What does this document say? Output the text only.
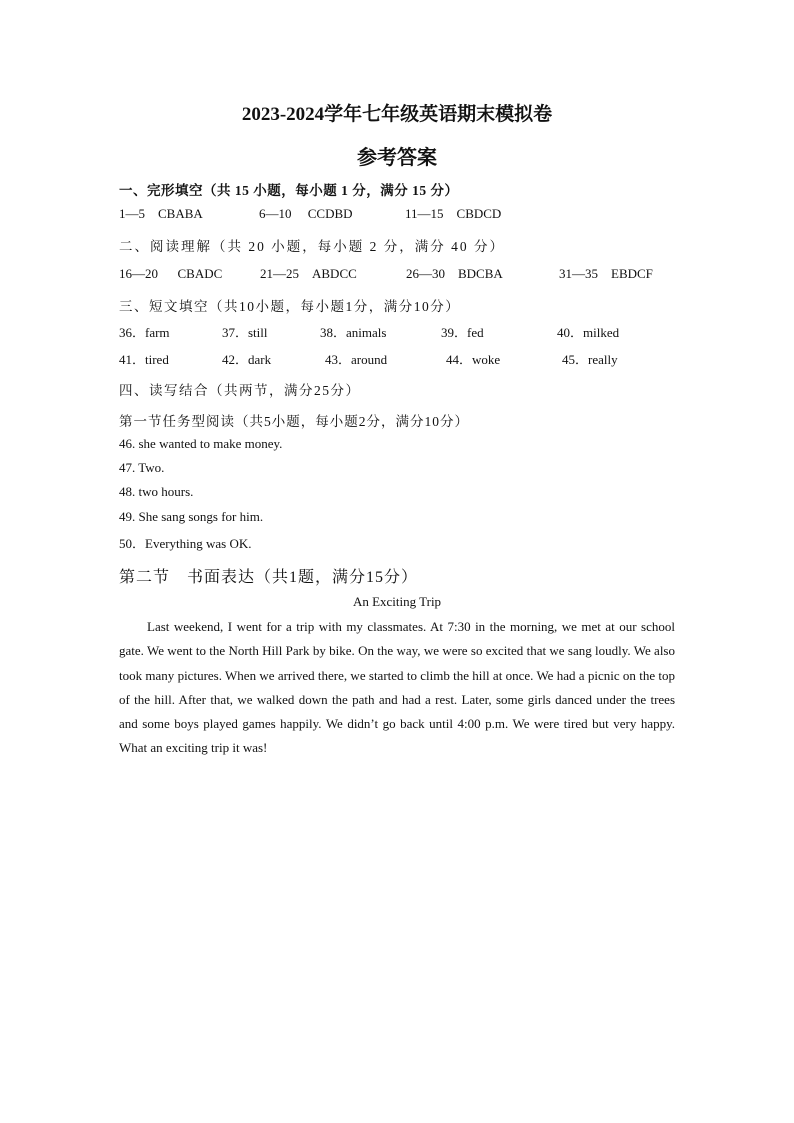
2023-2024学年七年级英语期末模拟卷
参考答案
一、完形填空（共 15 小题，每小题 1 分，满分 15 分）
1—5 CBABA	6—10 CCDBD	11—15 CBDCD
二、阅读理解（共 20 小题，每小题 2 分，满分 40 分）
16—20 CBADC	21—25 ABDCC	26—30 BDCBA	31—35 EBDCF
三、短文填空（共10小题，每小题1分，满分10分）
36．farm	37．still	38．animals	39．fed	40．milked
41．tired	42．dark	43．around	44．woke	45．really
四、读写结合（共两节，满分25分）
第一节任务型阅读（共5小题，每小题2分，满分10分）
46. she wanted to make money.
47. Two.
48. two hours.
49. She sang songs for him.
50．Everything was OK.
第二节　书面表达（共1题，满分15分）
An Exciting Trip
Last weekend, I went for a trip with my classmates. At 7:30 in the morning, we met at our school gate. We went to the North Hill Park by bike. On the way, we were so excited that we sang loudly. We also took many pictures. When we arrived there, we started to climb the hill at once. We had a picnic on the top of the hill. After that, we walked down the path and had a rest. Later, some girls danced under the trees and some boys played games happily. We didn’t go back until 4:00 p.m. We were tired but very happy. What an exciting trip it was!
